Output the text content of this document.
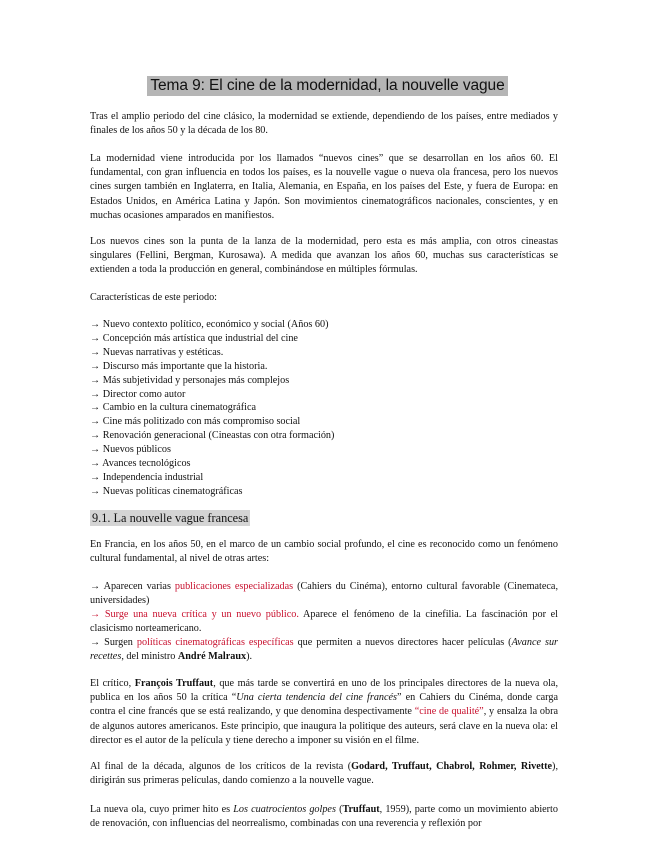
Tema 9: El cine de la modernidad, la nouvelle vague

Tras el amplio periodo del cine clásico, la modernidad se extiende, dependiendo de los países, entre mediados y finales de los años 50 y la década de los 80.

La modernidad viene introducida por los llamados “nuevos cines” que se desarrollan en los años 60. El fundamental, con gran influencia en todos los países, es la nouvelle vague o nueva ola francesa, pero los nuevos cines surgen también en Inglaterra, en Italia, Alemania, en España, en los países del Este, y fuera de Europa: en Estados Unidos, en América Latina y Japón. Son movimientos cinematográficos nacionales, conscientes, y en muchas ocasiones amparados en manifiestos.

Los nuevos cines son la punta de la lanza de la modernidad, pero esta es más amplia, con otros cineastas singulares (Fellini, Bergman, Kurosawa). A medida que avanzan los años 60, muchas sus características se extienden a toda la producción en general, combinándose en múltiples fórmulas.

Características de este periodo:

→ Nuevo contexto político, económico y social (Años 60)
→ Concepción más artística que industrial del cine
→ Nuevas narrativas y estéticas.
→ Discurso más importante que la historia.
→ Más subjetividad y personajes más complejos
→ Director como autor
→ Cambio en la cultura cinematográfica
→ Cine más politizado con más compromiso social
→ Renovación generacional (Cineastas con otra formación)
→ Nuevos públicos
→ Avances tecnológicos
→ Independencia industrial
→ Nuevas políticas cinematográficas
9.1. La nouvelle vague francesa

En Francia, en los años 50, en el marco de un cambio social profundo, el cine es reconocido como un fenómeno cultural fundamental, al nivel de otras artes:

→ Aparecen varias publicaciones especializadas (Cahiers du Cinéma), entorno cultural favorable (Cinemateca, universidades)

→ Surge una nueva crítica y un nuevo público. Aparece el fenómeno de la cinefilia. La fascinación por el clasicismo norteamericano.

→ Surgen políticas cinematográficas específicas que permiten a nuevos directores hacer películas (Avance sur recettes, del ministro André Malraux).

El crítico, François Truffaut, que más tarde se convertirá en uno de los principales directores de la nueva ola, publica en los años 50 la crítica “Una cierta tendencia del cine francés” en Cahiers du Cinéma, donde carga contra el cine francés que se está realizando, y que denomina despectivamente “cine de qualité”, y ensalza la obra de algunos autores americanos. Este principio, que inaugura la politique des auteurs, será clave en la nueva ola: el director es el autor de la película y tiene derecho a imponer su visión en el filme.

Al final de la década, algunos de los críticos de la revista (Godard, Truffaut, Chabrol, Rohmer, Rivette), dirigirán sus primeras películas, dando comienzo a la nouvelle vague.

La nueva ola, cuyo primer hito es Los cuatrocientos golpes (Truffaut, 1959), parte como un movimiento abierto de renovación, con influencias del neorrealismo, combinadas con una reverencia y reflexión por
